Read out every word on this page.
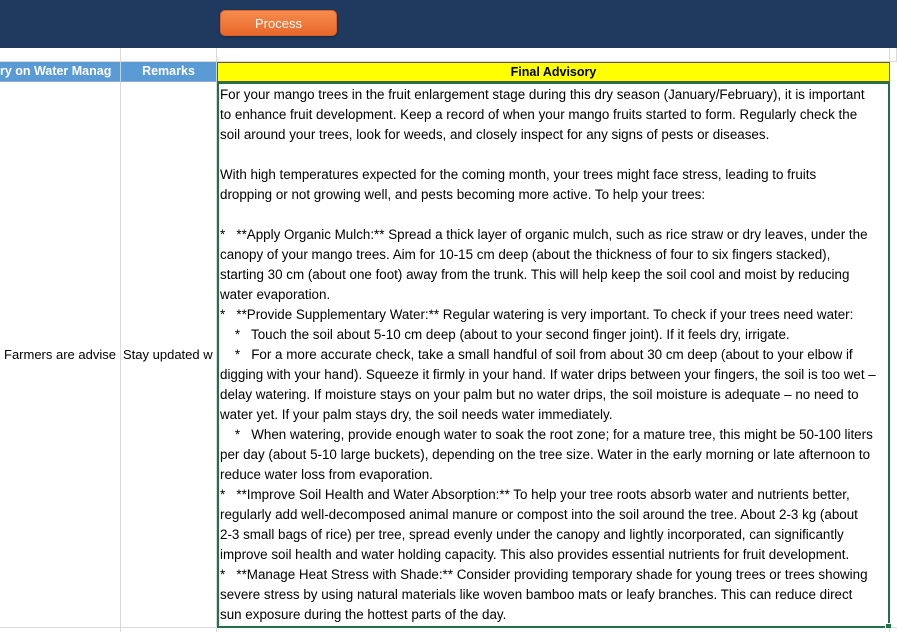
Process
ry on Water Manag	Remarks	Final Advisory
Farmers are advise Stay updated w
For your mango trees in the fruit enlargement stage during this dry season (January/February), it is important
to enhance fruit development. Keep a record of when your mango fruits started to form. Regularly check the
soil around your trees, look for weeds, and closely inspect for any signs of pests or diseases.
With high temperatures expected for the coming month, your trees might face stress, leading to fruits
dropping or not growing well, and pests becoming more active. To help your trees:
*   **Apply Organic Mulch:** Spread a thick layer of organic mulch, such as rice straw or dry leaves, under the
canopy of your mango trees. Aim for 10-15 cm deep (about the thickness of four to six fingers stacked),
starting 30 cm (about one foot) away from the trunk. This will help keep the soil cool and moist by reducing
water evaporation.
*   **Provide Supplementary Water:** Regular watering is very important. To check if your trees need water:
*   Touch the soil about 5-10 cm deep (about to your second finger joint). If it feels dry, irrigate.
*   For a more accurate check, take a small handful of soil from about 30 cm deep (about to your elbow if
digging with your hand). Squeeze it firmly in your hand. If water drips between your fingers, the soil is too wet –
delay watering. If moisture stays on your palm but no water drips, the soil moisture is adequate – no need to
water yet. If your palm stays dry, the soil needs water immediately.
*   When watering, provide enough water to soak the root zone; for a mature tree, this might be 50-100 liters
per day (about 5-10 large buckets), depending on the tree size. Water in the early morning or late afternoon to
reduce water loss from evaporation.
*   **Improve Soil Health and Water Absorption:** To help your tree roots absorb water and nutrients better,
regularly add well-decomposed animal manure or compost into the soil around the tree. About 2-3 kg (about
2-3 small bags of rice) per tree, spread evenly under the canopy and lightly incorporated, can significantly
improve soil health and water holding capacity. This also provides essential nutrients for fruit development.
*   **Manage Heat Stress with Shade:** Consider providing temporary shade for young trees or trees showing
severe stress by using natural materials like woven bamboo mats or leafy branches. This can reduce direct
sun exposure during the hottest parts of the day.
